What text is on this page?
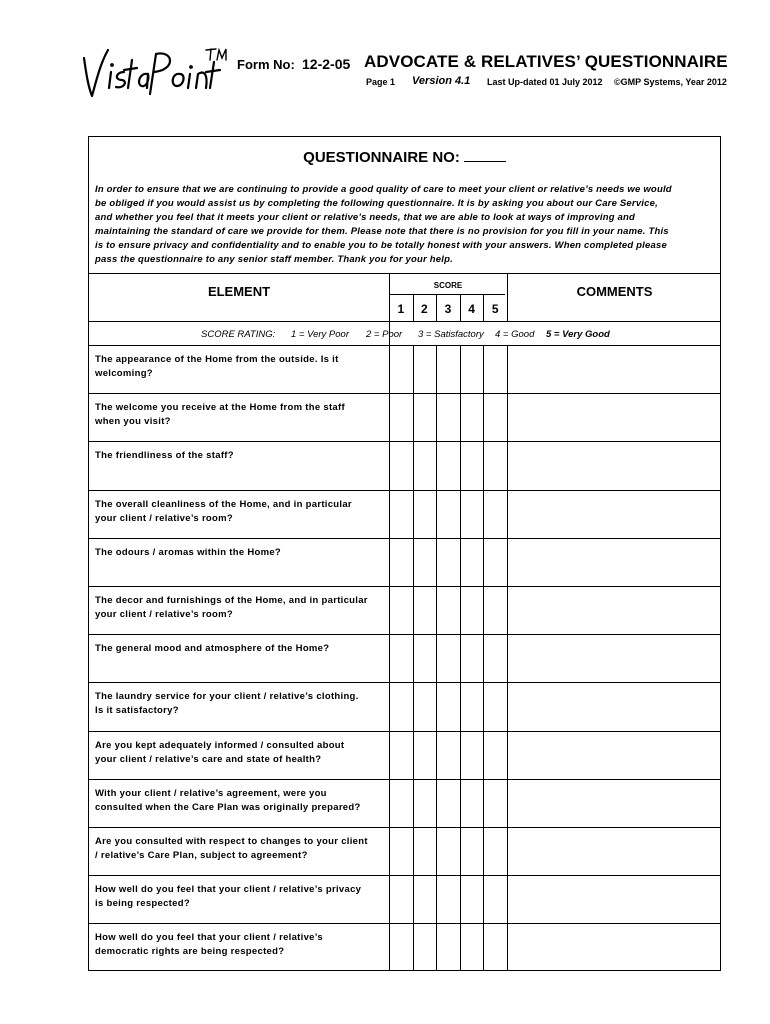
Form No: 12-2-05 ADVOCATE & RELATIVES’ QUESTIONNAIRE
Page 1 Version 4.1 Last Up-dated 01 July 2012 ©GMP Systems, Year 2012
QUESTIONNAIRE NO:
In order to ensure that we are continuing to provide a good quality of care to meet your client or relative’s needs we would
be obliged if you would assist us by completing the following questionnaire. It is by asking you about our Care Service,
and whether you feel that it meets your client or relative’s needs, that we are able to look at ways of improving and
maintaining the standard of care we provide for them. Please note that there is no provision for you fill in your name. This
is to ensure privacy and confidentiality and to enable you to be totally honest with your answers. When completed please
pass the questionnaire to any senior staff member. Thank you for your help.
ELEMENT	SCORE	COMMENTS
1	2	3	4	5
SCORE RATING: 1 = Very Poor 2 = Poor 3 = Satisfactory 4 = Good 5 = Very Good
The appearance of the Home from the outside. Is it
welcoming?
The welcome you receive at the Home from the staff
when you visit?
The friendliness of the staff?
The overall cleanliness of the Home, and in particular
your client / relative’s room?
The odours / aromas within the Home?
The decor and furnishings of the Home, and in particular
your client / relative’s room?
The general mood and atmosphere of the Home?
The laundry service for your client / relative’s clothing.
Is it satisfactory?
Are you kept adequately informed / consulted about
your client / relative’s care and state of health?
With your client / relative’s agreement, were you
consulted when the Care Plan was originally prepared?
Are you consulted with respect to changes to your client
/ relative’s Care Plan, subject to agreement?
How well do you feel that your client / relative’s privacy
is being respected?
How well do you feel that your client / relative’s
democratic rights are being respected?
